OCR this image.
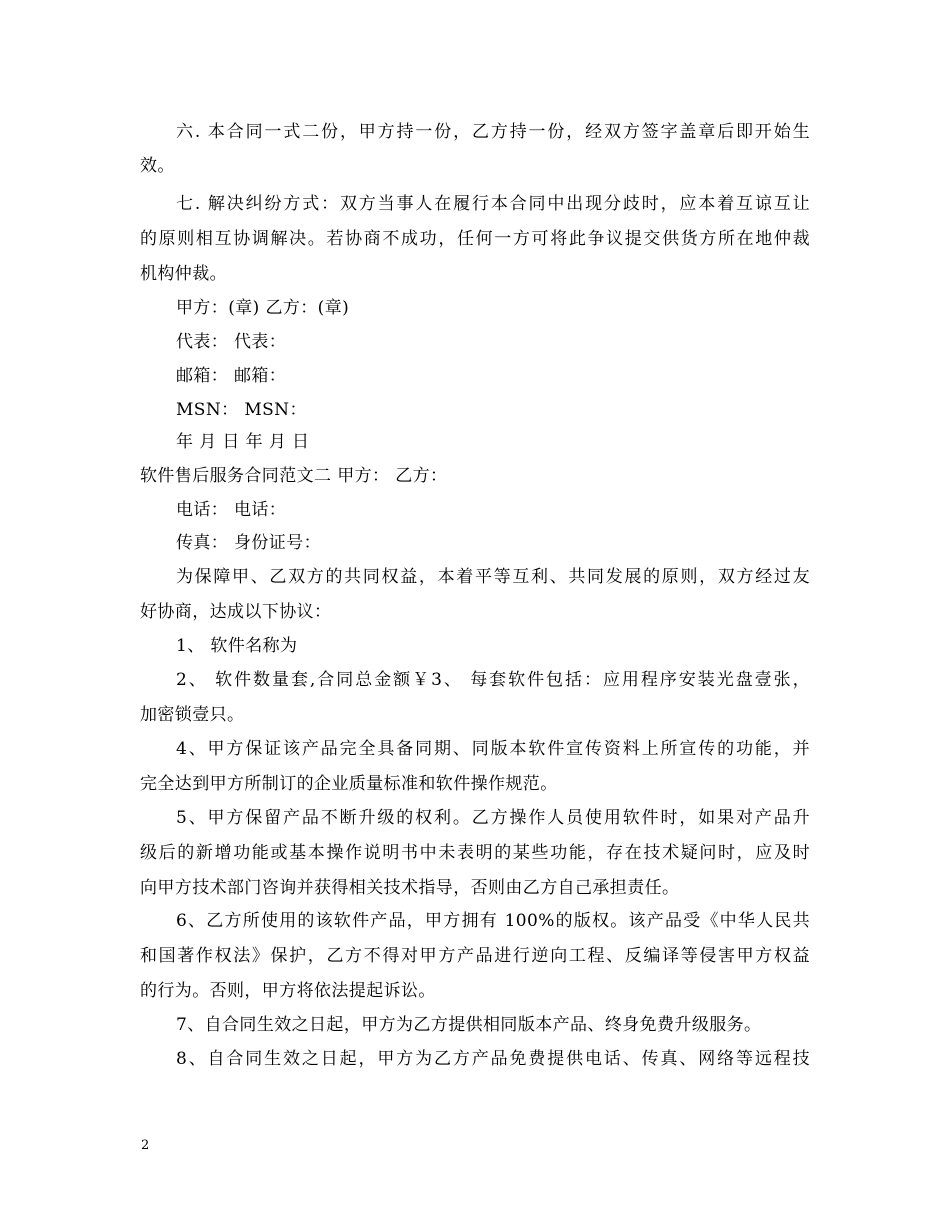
六. 本合同一式二份，甲方持一份，乙方持一份，经双方签字盖章后即开始生
效。
七. 解决纠纷方式：双方当事人在履行本合同中出现分歧时，应本着互谅互让
的原则相互协调解决。若协商不成功，任何一方可将此争议提交供货方所在地仲裁
机构仲裁。
甲方：(章) 乙方：(章)
代表： 代表：
邮箱： 邮箱：
MSN： MSN：
年 月 日 年 月 日
软件售后服务合同范文二 甲方： 乙方：
电话： 电话：
传真： 身份证号：
为保障甲、乙双方的共同权益，本着平等互利、共同发展的原则，双方经过友
好协商，达成以下协议：
1、 软件名称为
2、 软件数量套,合同总金额￥3、 每套软件包括：应用程序安装光盘壹张，
加密锁壹只。
4、甲方保证该产品完全具备同期、同版本软件宣传资料上所宣传的功能，并
完全达到甲方所制订的企业质量标准和软件操作规范。
5、甲方保留产品不断升级的权利。乙方操作人员使用软件时，如果对产品升
级后的新增功能或基本操作说明书中未表明的某些功能，存在技术疑问时，应及时
向甲方技术部门咨询并获得相关技术指导，否则由乙方自己承担责任。
6、乙方所使用的该软件产品，甲方拥有 100%的版权。该产品受《中华人民共
和国著作权法》保护，乙方不得对甲方产品进行逆向工程、反编译等侵害甲方权益
的行为。否则，甲方将依法提起诉讼。
7、自合同生效之日起，甲方为乙方提供相同版本产品、终身免费升级服务。
8、自合同生效之日起，甲方为乙方产品免费提供电话、传真、网络等远程技
2
